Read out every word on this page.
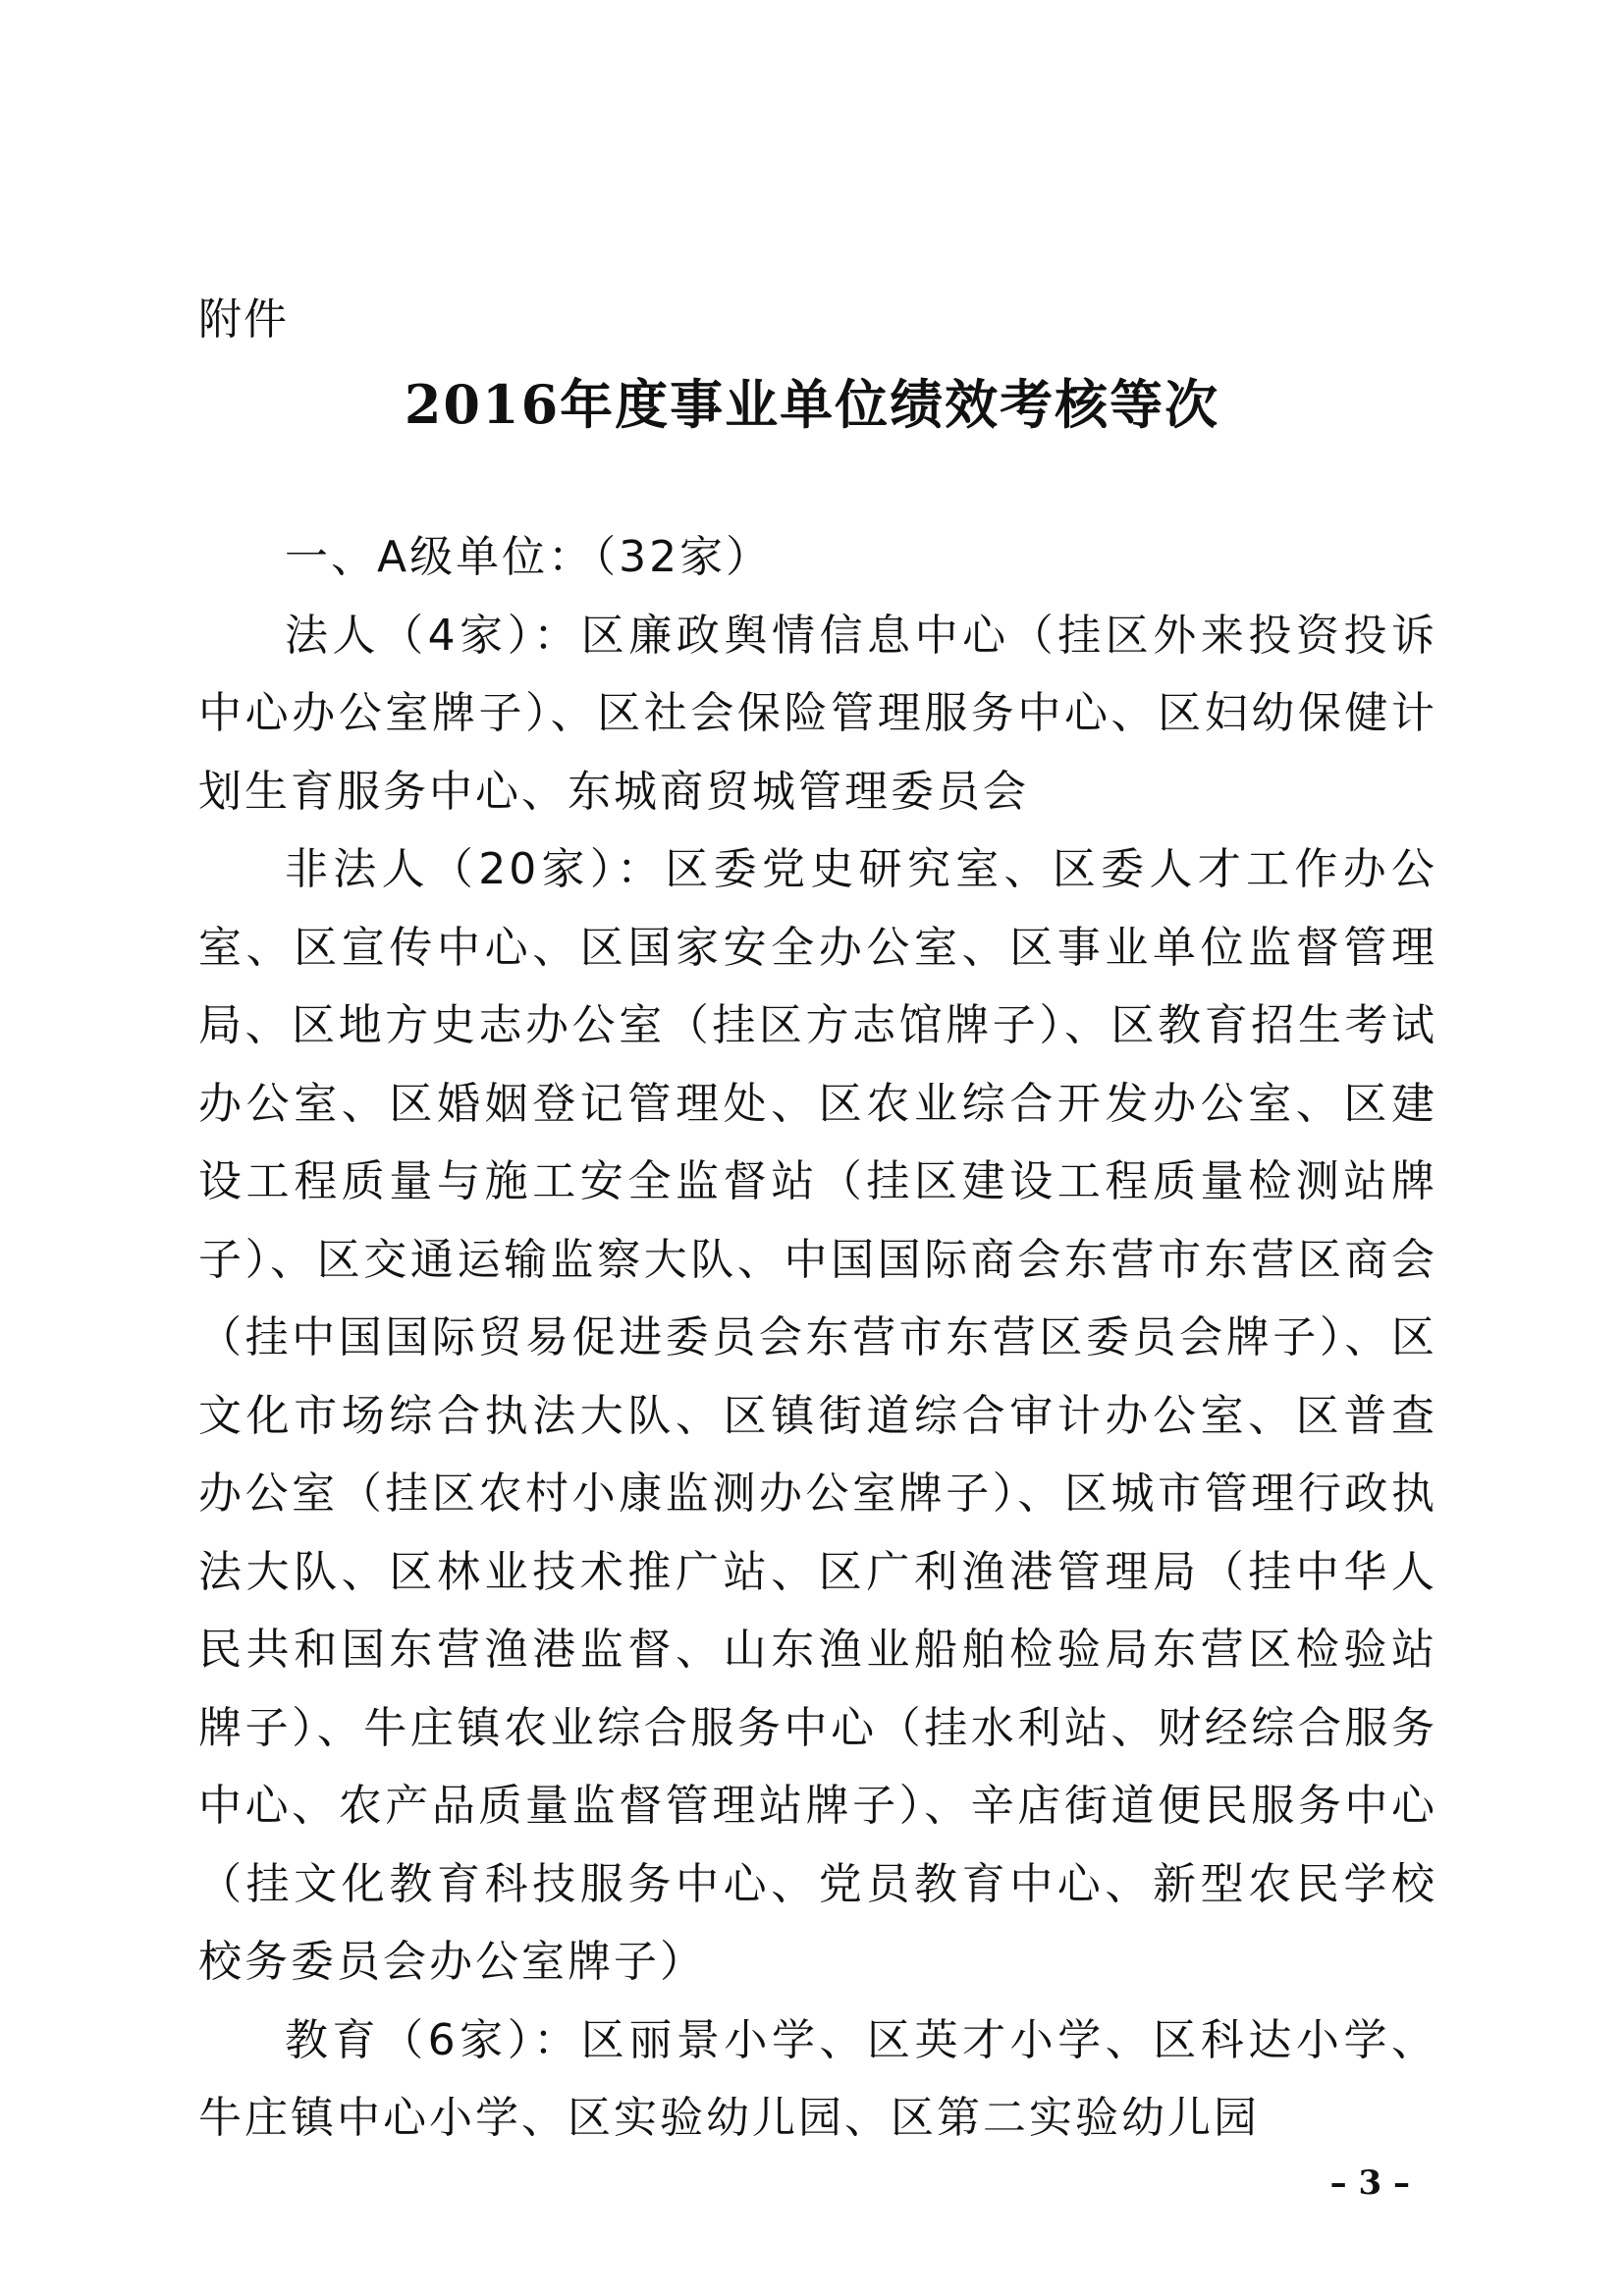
附件
2016年度事业单位绩效考核等次

一、A级单位：（32家）

法人（4家）：区廉政舆情信息中心（挂区外来投资投诉中心办公室牌子）、区社会保险管理服务中心、区妇幼保健计划生育服务中心、东城商贸城管理委员会

非法人（20家）：区委党史研究室、区委人才工作办公室、区宣传中心、区国家安全办公室、区事业单位监督管理局、区地方史志办公室（挂区方志馆牌子）、区教育招生考试办公室、区婚姻登记管理处、区农业综合开发办公室、区建设工程质量与施工安全监督站（挂区建设工程质量检测站牌子）、区交通运输监察大队、中国国际商会东营市东营区商会（挂中国国际贸易促进委员会东营市东营区委员会牌子）、区文化市场综合执法大队、区镇街道综合审计办公室、区普查办公室（挂区农村小康监测办公室牌子）、区城市管理行政执法大队、区林业技术推广站、区广利渔港管理局（挂中华人民共和国东营渔港监督、山东渔业船舶检验局东营区检验站牌子）、牛庄镇农业综合服务中心（挂水利站、财经综合服务中心、农产品质量监督管理站牌子）、辛店街道便民服务中心（挂文化教育科技服务中心、党员教育中心、新型农民学校校务委员会办公室牌子）

教育（6家）：区丽景小学、区英才小学、区科达小学、牛庄镇中心小学、区实验幼儿园、区第二实验幼儿园

– 3 –
